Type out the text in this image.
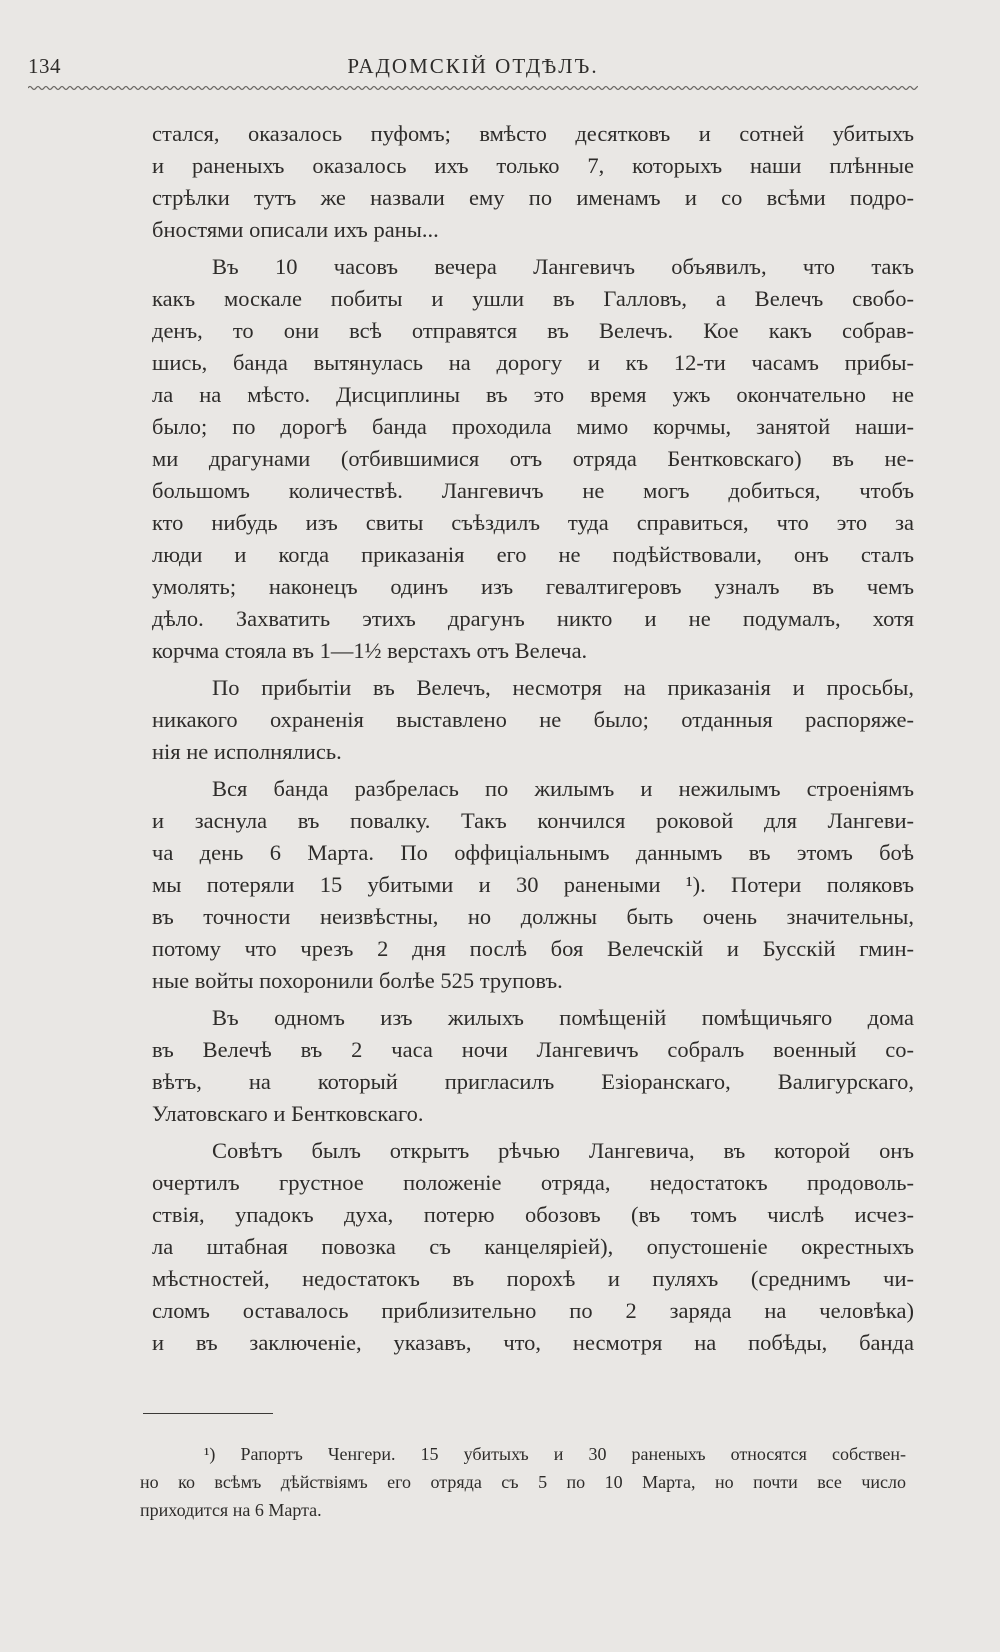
134	РАДОМСКІЙ ОТДѢЛЪ.
стался, оказалось пуфомъ; вмѣсто десятковъ и сотней убитыхъ
и раненыхъ оказалось ихъ только 7, которыхъ наши плѣнные
стрѣлки тутъ же назвали ему по именамъ и со всѣми подро-
бностями описали ихъ раны...
Въ 10 часовъ вечера Лангевичъ объявилъ, что такъ
какъ москале побиты и ушли въ Галловъ, а Велечъ свобо-
денъ, то они всѣ отправятся въ Велечъ. Кое какъ собрав-
шись, банда вытянулась на дорогу и къ 12-ти часамъ прибы-
ла на мѣсто. Дисциплины въ это время ужъ окончательно не
было; по дорогѣ банда проходила мимо корчмы, занятой наши-
ми драгунами (отбившимися отъ отряда Бентковскаго) въ не-
большомъ количествѣ. Лангевичъ не могъ добиться, чтобъ
кто нибудь изъ свиты съѣздилъ туда справиться, что это за
люди и когда приказанія его не подѣйствовали, онъ сталъ
умолять; наконецъ одинъ изъ гевалтигеровъ узналъ въ чемъ
дѣло. Захватить этихъ драгунъ никто и не подумалъ, хотя
корчма стояла въ 1—1½ верстахъ отъ Велеча.
По прибытіи въ Велечъ, несмотря на приказанія и просьбы,
никакого охраненія выставлено не было; отданныя распоряже-
нія не исполнялись.
Вся банда разбрелась по жилымъ и нежилымъ строеніямъ
и заснула въ повалку. Такъ кончился роковой для Лангеви-
ча день 6 Марта. По оффиціальнымъ даннымъ въ этомъ боѣ
мы потеряли 15 убитыми и 30 ранеными ¹). Потери поляковъ
въ точности неизвѣстны, но должны быть очень значительны,
потому что чрезъ 2 дня послѣ боя Велечскій и Бусскій гмин-
ные войты похоронили болѣе 525 труповъ.
Въ одномъ изъ жилыхъ помѣщеній помѣщичьяго дома
въ Велечѣ въ 2 часа ночи Лангевичъ собралъ военный со-
вѣтъ, на который пригласилъ Езіоранскаго, Валигурскаго,
Улатовскаго и Бентковскаго.
Совѣтъ былъ открытъ рѣчью Лангевича, въ которой онъ
очертилъ грустное положеніе отряда, недостатокъ продоволь-
ствія, упадокъ духа, потерю обозовъ (въ томъ числѣ исчез-
ла штабная повозка съ канцеляріей), опустошеніе окрестныхъ
мѣстностей, недостатокъ въ порохѣ и пуляхъ (среднимъ чи-
сломъ оставалось приблизительно по 2 заряда на человѣка)
и въ заключеніе, указавъ, что, несмотря на побѣды, банда
¹) Рапортъ Ченгери. 15 убитыхъ и 30 раненыхъ относятся собствен-
но ко всѣмъ дѣйствіямъ его отряда съ 5 по 10 Марта, но почти все число
приходится на 6 Марта.
